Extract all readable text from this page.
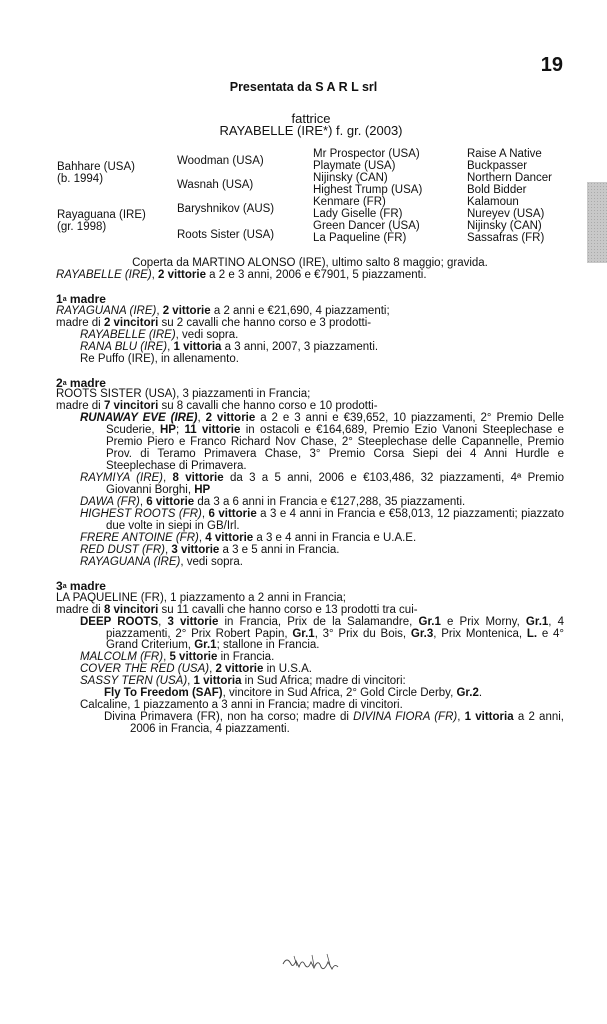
19
Presentata da S A R L srl
fattrice
RAYABELLE (IRE*) f. gr. (2003)
Bahhare (USA)
(b. 1994)
Rayaguana (IRE)
(gr. 1998)
Woodman (USA)
Wasnah (USA)
Baryshnikov (AUS)
Roots Sister (USA)
Mr Prospector (USA)
Playmate (USA)
Nijinsky (CAN)
Highest Trump (USA)
Kenmare (FR)
Lady Giselle (FR)
Green Dancer (USA)
La Paqueline (FR)
Raise A Native
Buckpasser
Northern Dancer
Bold Bidder
Kalamoun
Nureyev (USA)
Nijinsky (CAN)
Sassafras (FR)

Coperta da MARTINO ALONSO (IRE), ultimo salto 8 maggio; gravida.

RAYABELLE (IRE), 2 vittorie a 2 e 3 anni, 2006 e €7901, 5 piazzamenti.

1$^a$ madre

RAYAGUANA (IRE), 2 vittorie a 2 anni e €21,690, 4 piazzamenti;

madre di 2 vincitori su 2 cavalli che hanno corso e 3 prodotti-

RAYABELLE (IRE), vedi sopra.

RANA BLU (IRE), 1 vittoria a 3 anni, 2007, 3 piazzamenti.

Re Puffo (IRE), in allenamento.

2$^a$ madre

ROOTS SISTER (USA), 3 piazzamenti in Francia;

madre di 7 vincitori su 8 cavalli che hanno corso e 10 prodotti-

RUNAWAY EVE (IRE), 2 vittorie a 2 e 3 anni e €39,652, 10 piazzamenti, 2° Premio Delle Scuderie, HP; 11 vittorie in ostacoli e €164,689, Premio Ezio Vanoni Steeplechase e Premio Piero e Franco Richard Nov Chase, 2° Steeplechase delle Capannelle, Premio Prov. di Teramo Primavera Chase, 3° Premio Corsa Siepi dei 4 Anni Hurdle e Steeplechase di Primavera.

RAYMIYA (IRE), 8 vittorie da 3 a 5 anni, 2006 e €103,486, 32 piazzamenti, 4ª Premio Giovanni Borghi, HP

DAWA (FR), 6 vittorie da 3 a 6 anni in Francia e €127,288, 35 piazzamenti.

HIGHEST ROOTS (FR), 6 vittorie a 3 e 4 anni in Francia e €58,013, 12 piazzamenti; piazzato due volte in siepi in GB/Irl.

FRERE ANTOINE (FR), 4 vittorie a 3 e 4 anni in Francia e U.A.E.

RED DUST (FR), 3 vittorie a 3 e 5 anni in Francia.

RAYAGUANA (IRE), vedi sopra.

3$^a$ madre

LA PAQUELINE (FR), 1 piazzamento a 2 anni in Francia;

madre di 8 vincitori su 11 cavalli che hanno corso e 13 prodotti tra cui-

DEEP ROOTS, 3 vittorie in Francia, Prix de la Salamandre, Gr.1 e Prix Morny, Gr.1, 4 piazzamenti, 2° Prix Robert Papin, Gr.1, 3° Prix du Bois, Gr.3, Prix Montenica, L. e 4° Grand Criterium, Gr.1; stallone in Francia.

MALCOLM (FR), 5 vittorie in Francia.

COVER THE RED (USA), 2 vittorie in U.S.A.

SASSY TERN (USA), 1 vittoria in Sud Africa; madre di vincitori:

Fly To Freedom (SAF), vincitore in Sud Africa, 2° Gold Circle Derby, Gr.2.

Calcaline, 1 piazzamento a 3 anni in Francia; madre di vincitori.

Divina Primavera (FR), non ha corso; madre di DIVINA FIORA (FR), 1 vittoria a 2 anni, 2006 in Francia, 4 piazzamenti.
